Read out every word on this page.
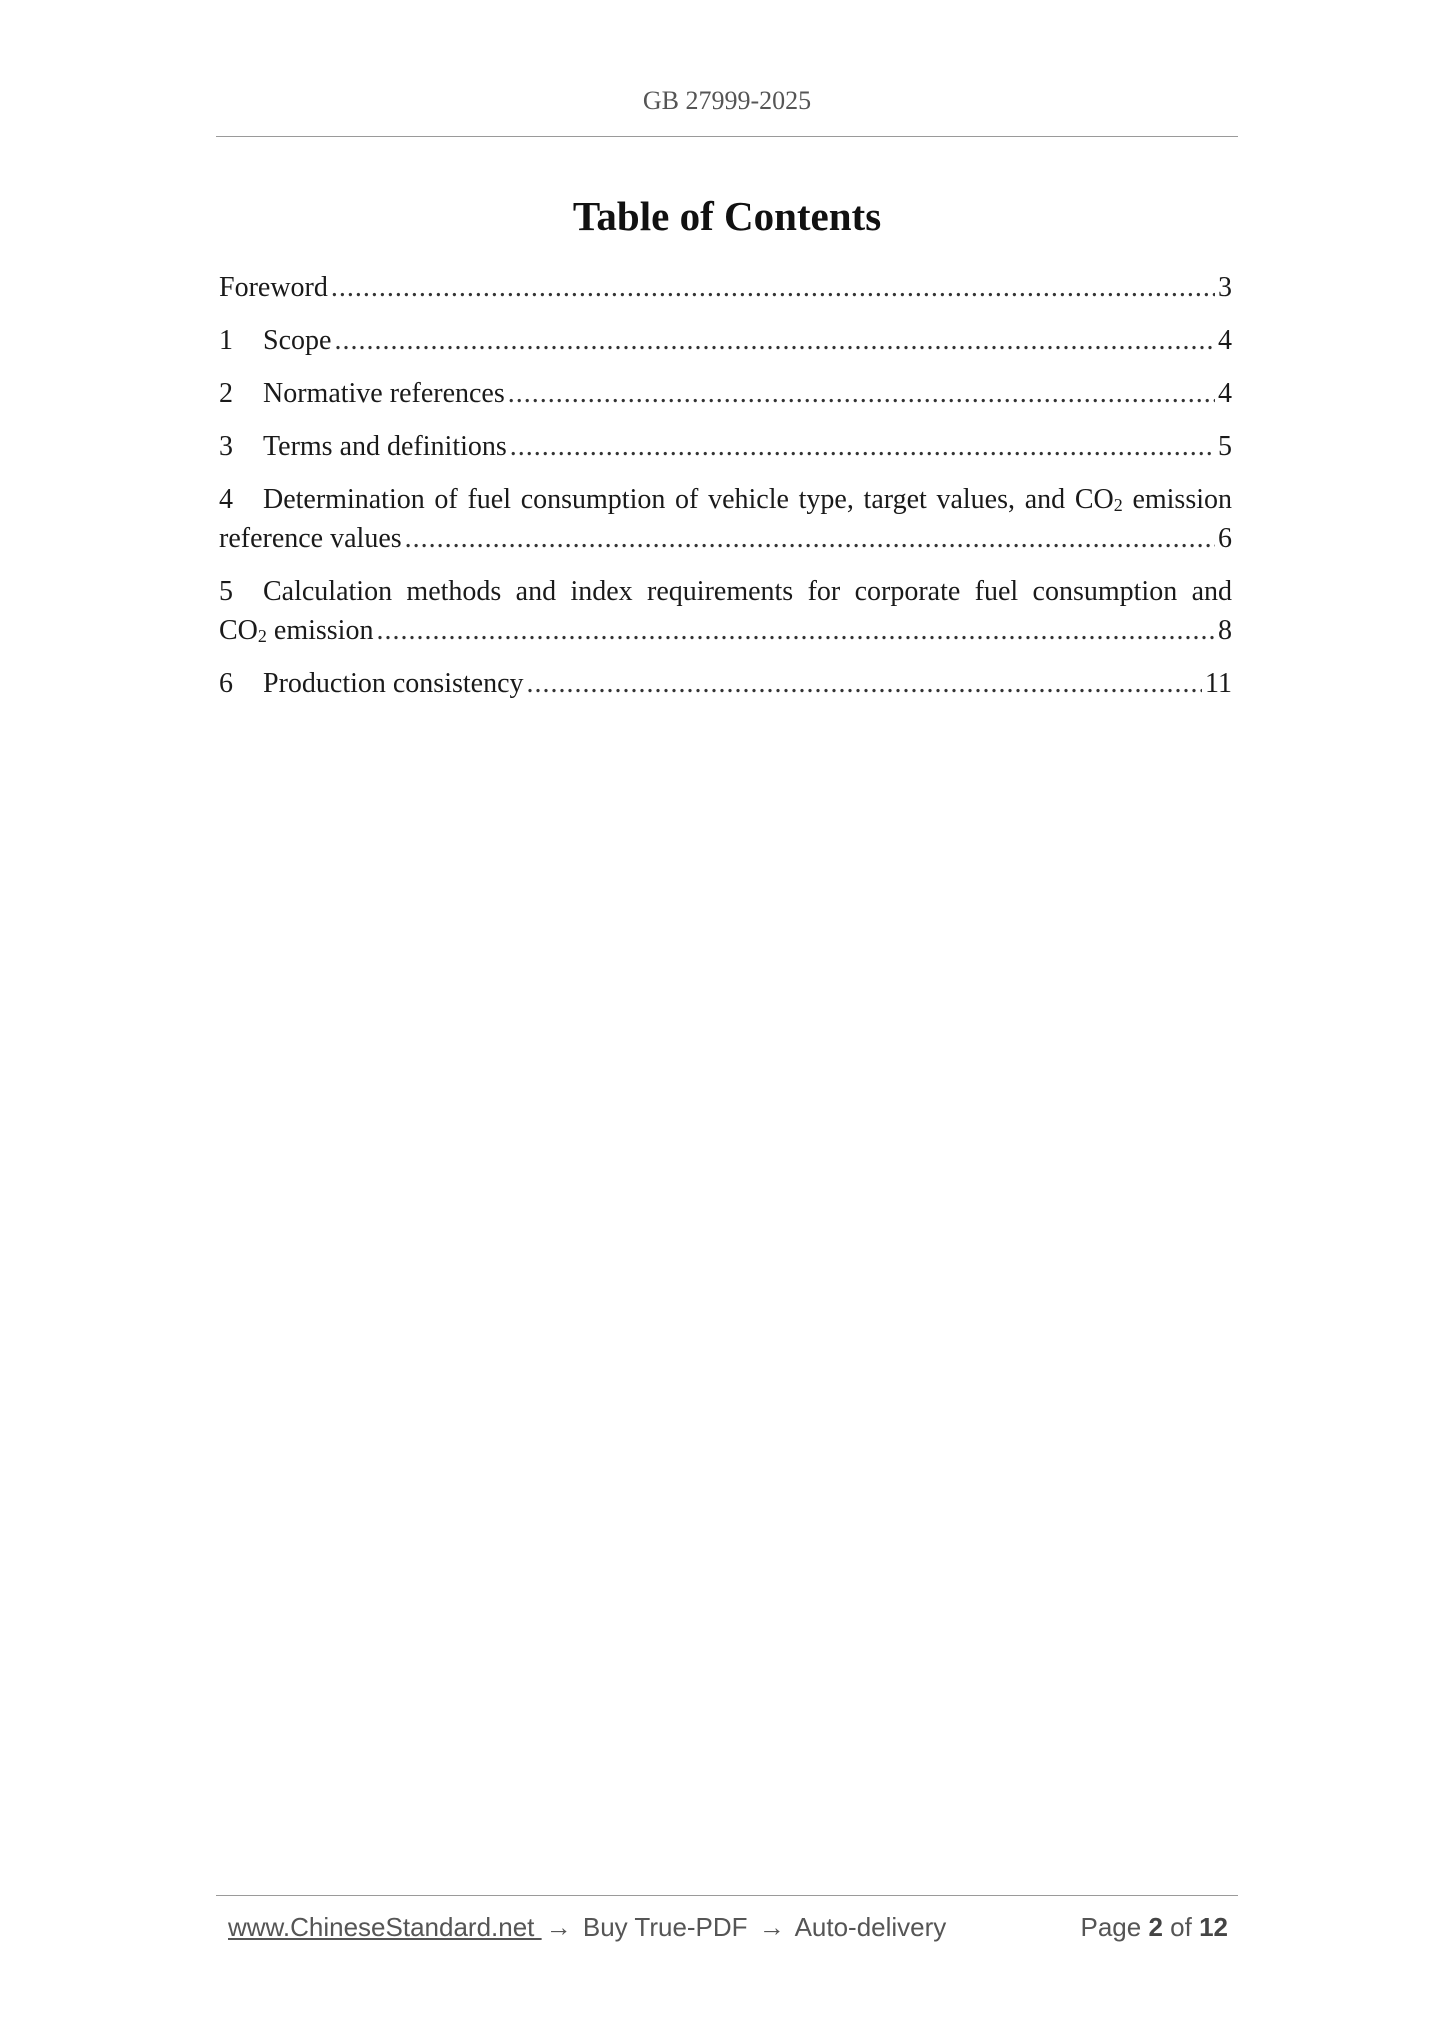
GB 27999-2025
Table of Contents
Foreword .....	3
1	Scope .....	4
2	Normative references .....	4
3	Terms and definitions .....	5
4 Determination of fuel consumption of vehicle type, target values, and $CO_2$ emission
reference values .....	6
5 Calculation methods and index requirements for corporate fuel consumption and
$CO_2$ emission .....	8
6	Production consistency .....	11
www.ChineseStandard.net → Buy True-PDF → Auto-delivery	Page 2 of 12
